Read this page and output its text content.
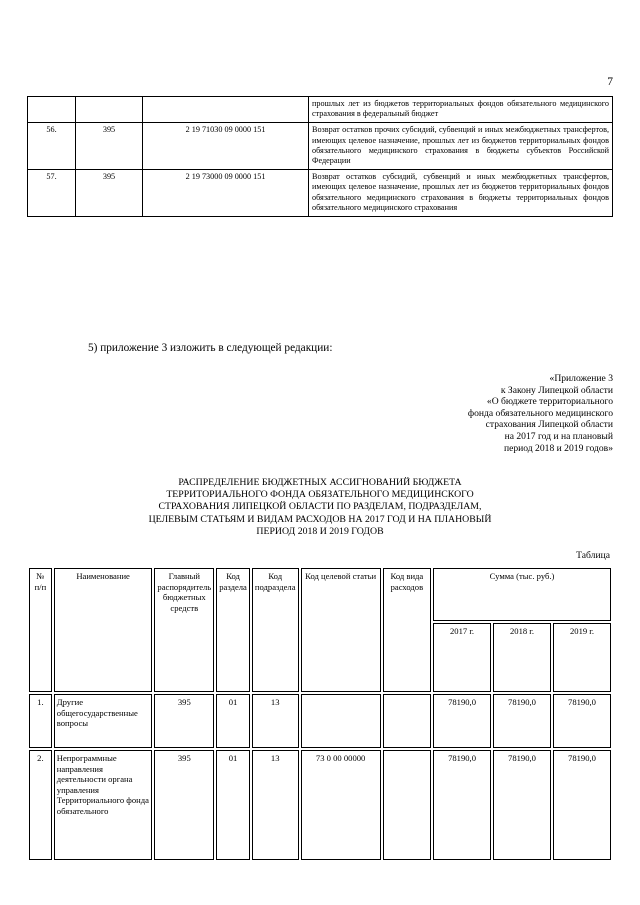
7
			прошлых лет из бюджетов территориальных фондов обязательного медицинского страхования в федеральный бюджет
56.	395	2 19 71030 09 0000 151	Возврат остатков прочих субсидий, субвенций и иных межбюджетных трансфертов, имеющих целевое назначение, прошлых лет из бюджетов территориальных фондов обязательного медицинского страхования в бюджеты субъектов Российской Федерации
57.	395	2 19 73000 09 0000 151	Возврат остатков субсидий, субвенций и иных межбюджетных трансфертов, имеющих целевое назначение, прошлых лет из бюджетов территориальных фондов обязательного медицинского страхования в бюджеты территориальных фондов обязательного медицинского страхования
5) приложение 3 изложить в следующей редакции:
«Приложение 3
к Закону Липецкой области
«О бюджете территориального
фонда обязательного медицинского
страхования Липецкой области
на 2017 год и на плановый
период 2018 и 2019 годов»
РАСПРЕДЕЛЕНИЕ БЮДЖЕТНЫХ АССИГНОВАНИЙ БЮДЖЕТА
ТЕРРИТОРИАЛЬНОГО ФОНДА ОБЯЗАТЕЛЬНОГО МЕДИЦИНСКОГО
СТРАХОВАНИЯ ЛИПЕЦКОЙ ОБЛАСТИ ПО РАЗДЕЛАМ, ПОДРАЗДЕЛАМ,
ЦЕЛЕВЫМ СТАТЬЯМ И ВИДАМ РАСХОДОВ НА 2017 ГОД И НА ПЛАНОВЫЙ
ПЕРИОД 2018 И 2019 ГОДОВ
Таблица
№ п/п	Наименование	Главный распорядитель бюджетных средств	Код раздела	Код подраздела	Код целевой статьи	Код вида расходов	Сумма (тыс. руб.)		
							2017 г.	2018 г.	2019 г.
1.	Другие общегосударственные вопросы	395	01	13			78190,0	78190,0	78190,0
2.	Непрограммные направления деятельности органа управления Территориального фонда обязательного	395	01	13	73 0 00 00000		78190,0	78190,0	78190,0
